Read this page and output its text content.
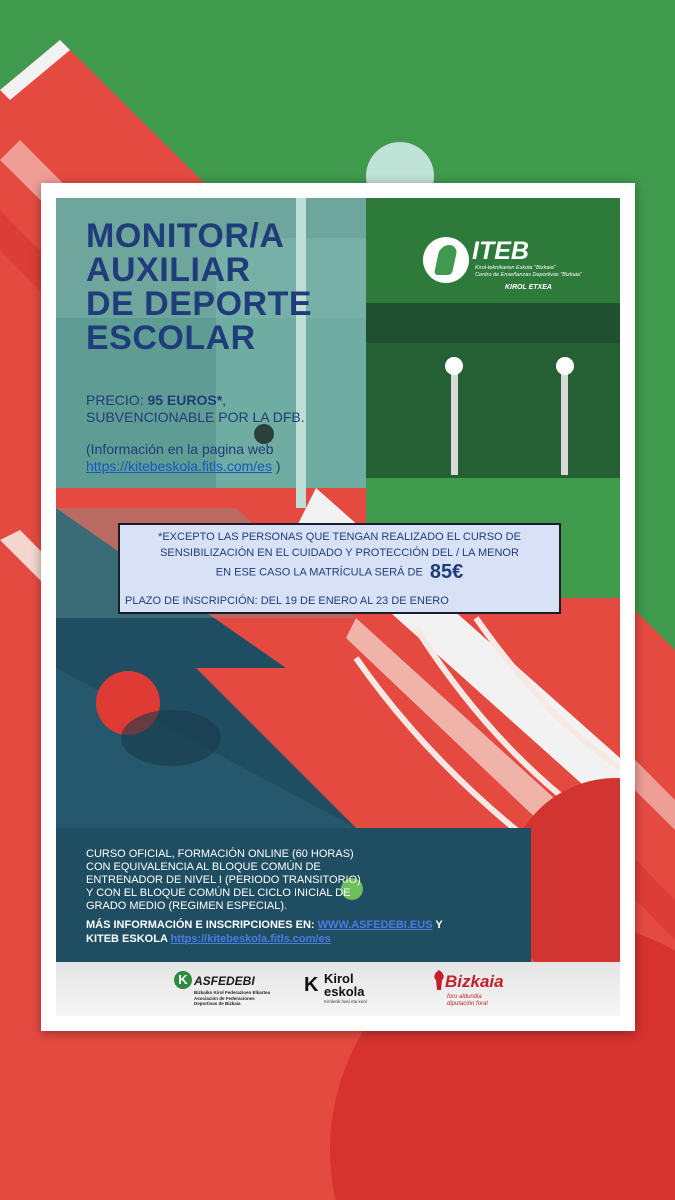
MONITOR/A
AUXILIAR
DE DEPORTE
ESCOLAR
PRECIO: 95 EUROS*,
SUBVENCIONABLE POR LA DFB.
(Información en la pagina web
https://kitebeskola.fitls.com/es )
ITEB
Kirol-teknikarien Eskola "Bizkaia"
Centro de Enseñanzas Deportivas "Bizkaia"
KIROL ETXEA
CURSO OFICIAL, FORMACIÓN ONLINE (60 HORAS)
CON EQUIVALENCIA AL BLOQUE COMÚN DE
ENTRENADOR DE NIVEL I (PERIODO TRANSITORIO)
Y CON EL BLOQUE COMÚN DEL CICLO INICIAL DE
GRADO MEDIO (REGIMEN ESPECIAL).
MÁS INFORMACIÓN E INSCRIPCIONES EN: WWW.ASFEDEBI.EUS Y
KITEB ESKOLA https://kitebeskola.fitls.com/es
*EXCEPTO LAS PERSONAS QUE TENGAN REALIZADO EL CURSO DE
SENSIBILIZACIÓN EN EL CUIDADO Y PROTECCIÓN DEL / LA MENOR
EN ESE CASO LA MATRÍCULA SERÁ DE 85€
PLAZO DE INSCRIPCIÓN: DEL 19 DE ENERO AL 23 DE ENERO
K ASFEDEBI
Bizkaiko Kirol Federazioen Elkartea Asociación de Federaciones Deportivas de Bizkaia
K Kirol
eskola
Kirolerik hasi eta kirol
Bizkaia
foru aldundia
diputación foral
